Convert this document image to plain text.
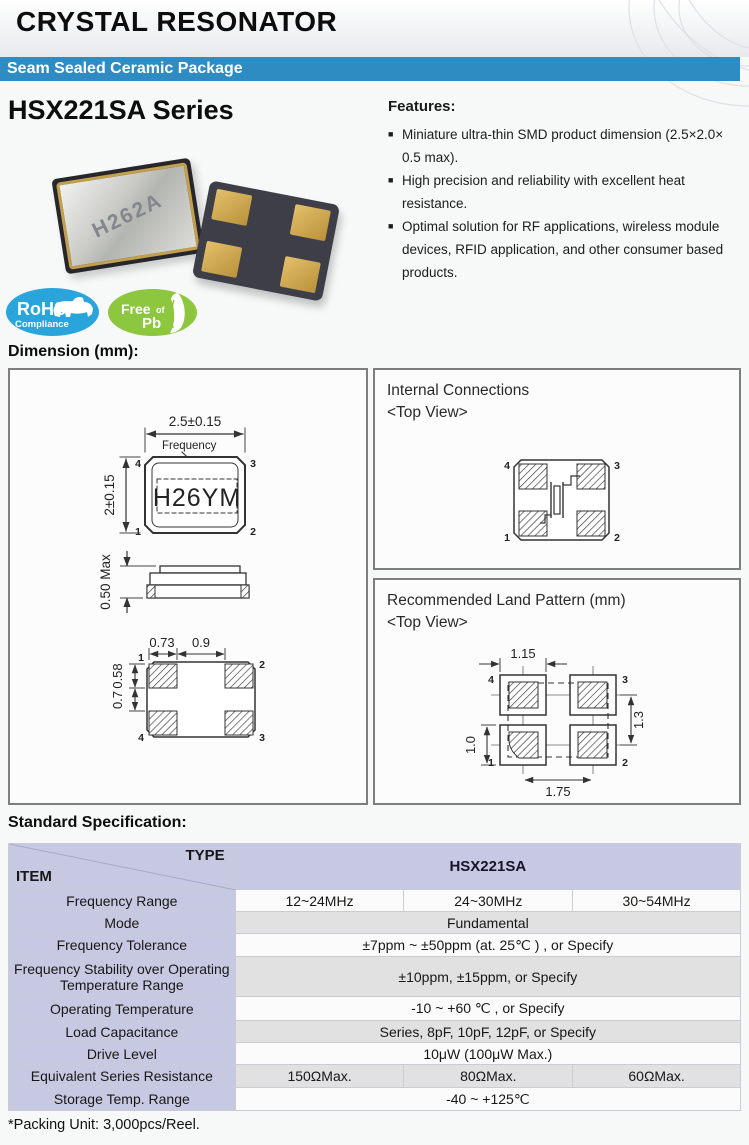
CRYSTAL RESONATOR
Seam Sealed Ceramic Package
HSX221SA Series	Features:
■ Miniature ultra-thin SMD product dimension (2.5×2.0× 0.5 max).
■ High precision and reliability with excellent heat resistance.
■ Optimal solution for RF applications, wireless module devices, RFID application, and other consumer based products.
H262A
RoHS
Compliance
Free of
Pb
Dimension (mm):
2.5±0.15
Frequency
H26YM
4	3
1	2
2±0.15
0.50 Max
0.73 0.9
0.58
0.7
1
2
4	3
Internal Connections
<Top View>
4	3
1	2
Recommended Land Pattern (mm)
<Top View>
1.15
1.0
1.3
1.75
4	3
1	2
Standard Specification:
TYPE
ITEM	HSX221SA		
Frequency Range	12~24MHz	24~30MHz	30~54MHz
Mode	Fundamental		
Frequency Tolerance	±7ppm ~ ±50ppm (at. 25℃ ) , or Specify		
Frequency Stability over Operating Temperature Range	±10ppm, ±15ppm, or Specify		
Operating Temperature	-10 ~ +60 ℃ , or Specify		
Load Capacitance	Series, 8pF, 10pF, 12pF, or Specify		
Drive Level	10μW (100μW Max.)		
Equivalent Series Resistance	150ΩMax.	80ΩMax.	60ΩMax.
Storage Temp. Range	-40 ~ +125℃		
*Packing Unit: 3,000pcs/Reel.
